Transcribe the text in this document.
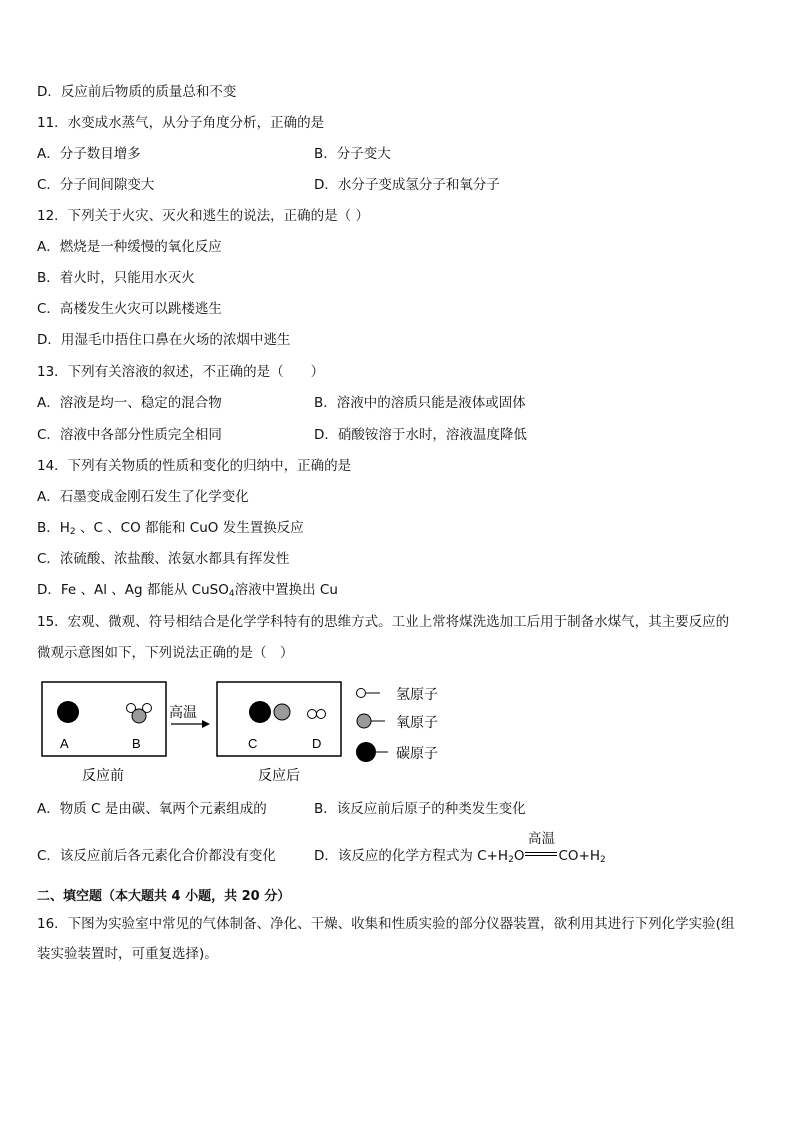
D．反应前后物质的质量总和不变
11．水变成水蒸气，从分子角度分析，正确的是
A．分子数目增多	B．分子变大
C．分子间间隙变大	D．水分子变成氢分子和氧分子
12．下列关于火灾、灭火和逃生的说法，正确的是（ ）
A．燃烧是一种缓慢的氧化反应
B．着火时，只能用水灭火
C．高楼发生火灾可以跳楼逃生
D．用湿毛巾捂住口鼻在火场的浓烟中逃生
13．下列有关溶液的叙述，不正确的是（　　）
A．溶液是均一、稳定的混合物	B．溶液中的溶质只能是液体或固体
C．溶液中各部分性质完全相同	D．硝酸铵溶于水时，溶液温度降低
14．下列有关物质的性质和变化的归纳中，正确的是
A．石墨变成金刚石发生了化学变化
B．$H_2$ 、C 、CO 都能和 CuO 发生置换反应
C．浓硫酸、浓盐酸、浓氨水都具有挥发性
D．Fe 、Al 、Ag 都能从 CuSO$_4$溶液中置换出 Cu
15．宏观、微观、符号相结合是化学学科特有的思维方式。工业上常将煤洗选加工后用于制备水煤气，其主要反应的
微观示意图如下，下列说法正确的是（　）
A	B
高温
C	D
反应前	反应后
氢原子
氧原子
碳原子
A．物质 C 是由碳、氧两个元素组成的	B．该反应前后原子的种类发生变化
C．该反应前后各元素化合价都没有变化	D．该反应的化学方程式为 $C+H_2O$
高温
$CO+H_2$
二、填空题（本大题共 4 小题，共 20 分）
16．下图为实验室中常见的气体制备、净化、干燥、收集和性质实验的部分仪器装置，欲利用其进行下列化学实验(组
装实验装置时，可重复选择)。
